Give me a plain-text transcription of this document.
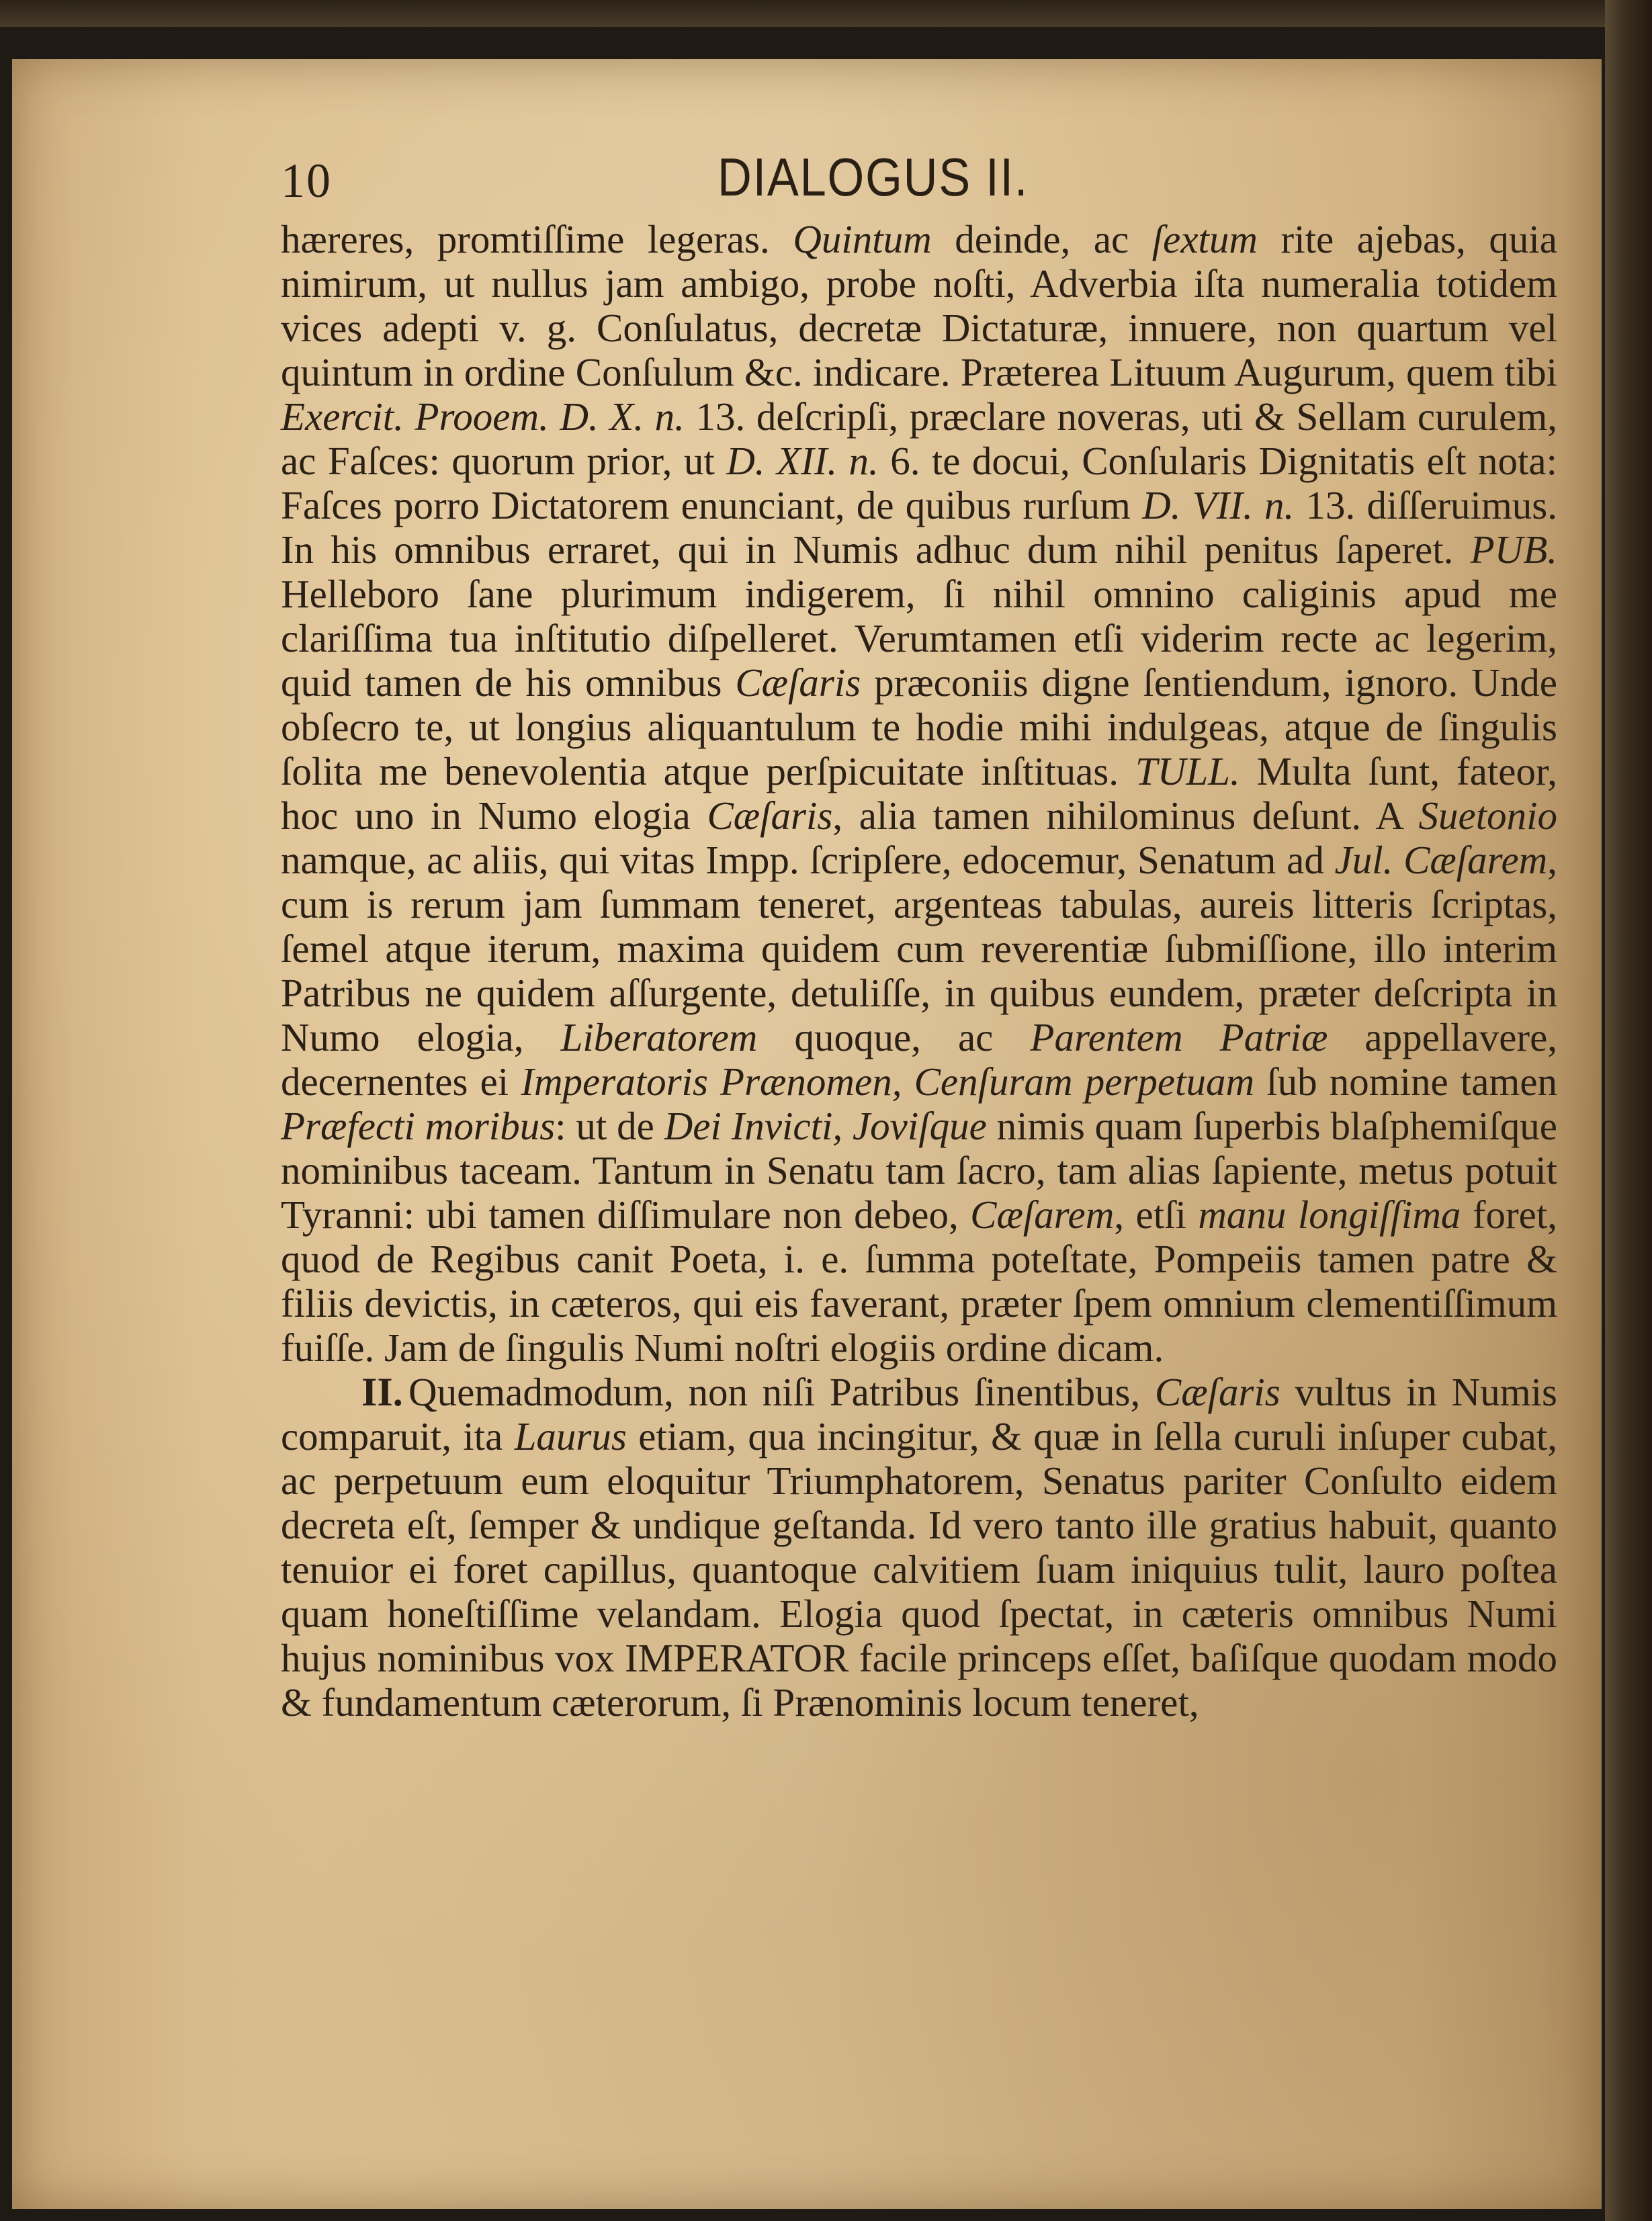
10	DIALOGUS II.

hæreres, promtiſſime legeras. Quintum deinde, ac ſextum rite ajebas, quia nimirum, ut nullus jam ambigo, probe noſti, Adverbia iſta numeralia totidem vices adepti v. g. Conſulatus, decretæ Dictaturæ, innuere, non quartum vel quintum in ordine Conſulum &c. indicare. Præterea Lituum Augurum, quem tibi Exercit. Prooem. D. X. n. 13. deſcripſi, præclare noveras, uti & Sellam curulem, ac Faſces: quorum prior, ut D. XII. n. 6. te docui, Conſularis Dignitatis eſt nota: Faſces porro Dictatorem enunciant, de quibus rurſum D. VII. n. 13. diſſeruimus. In his omnibus erraret, qui in Numis adhuc dum nihil penitus ſaperet. PUB. Helleboro ſane plurimum indigerem, ſi nihil omnino caliginis apud me clariſſima tua inſtitutio diſpelleret. Verumtamen etſi viderim recte ac legerim, quid tamen de his omnibus Cæſaris præconiis digne ſentiendum, ignoro. Unde obſecro te, ut longius aliquantulum te hodie mihi indulgeas, atque de ſingulis ſolita me benevolentia atque perſpicuitate inſtituas. TULL. Multa ſunt, fateor, hoc uno in Numo elogia Cæſaris, alia tamen nihilominus deſunt. A Suetonio namque, ac aliis, qui vitas Impp. ſcripſere, edocemur, Senatum ad Jul. Cæſarem, cum is rerum jam ſummam teneret, argenteas tabulas, aureis litteris ſcriptas, ſemel atque iterum, maxima quidem cum reverentiæ ſubmiſſione, illo interim Patribus ne quidem aſſurgente, detuliſſe, in quibus eundem, præter deſcripta in Numo elogia, Liberatorem quoque, ac Parentem Patriæ appellavere, decernentes ei Imperatoris Prænomen, Cenſuram perpetuam ſub nomine tamen Præfecti moribus: ut de Dei Invicti, Joviſque nimis quam ſuperbis blaſphemiſque nominibus taceam. Tantum in Senatu tam ſacro, tam alias ſapiente, metus potuit Tyranni: ubi tamen diſſimulare non debeo, Cæſarem, etſi manu longiſſima foret, quod de Regibus canit Poeta, i. e. ſumma poteſtate, Pompeiis tamen patre & filiis devictis, in cæteros, qui eis faverant, præter ſpem omnium clementiſſimum fuiſſe. Jam de ſingulis Numi noſtri elogiis ordine dicam.

II. Quemadmodum, non niſi Patribus ſinentibus, Cæſaris vultus in Numis comparuit, ita Laurus etiam, qua incingitur, & quæ in ſella curuli inſuper cubat, ac perpetuum eum eloquitur Triumphatorem, Senatus pariter Conſulto eidem decreta eſt, ſemper & undique geſtanda. Id vero tanto ille gratius habuit, quanto tenuior ei foret capillus, quantoque calvitiem ſuam iniquius tulit, lauro poſtea quam honeſtiſſime velandam. Elogia quod ſpectat, in cæteris omnibus Numi hujus nominibus vox IMPERATOR facile princeps eſſet, baſiſque quodam modo & fundamentum cæterorum, ſi Prænominis locum teneret,
